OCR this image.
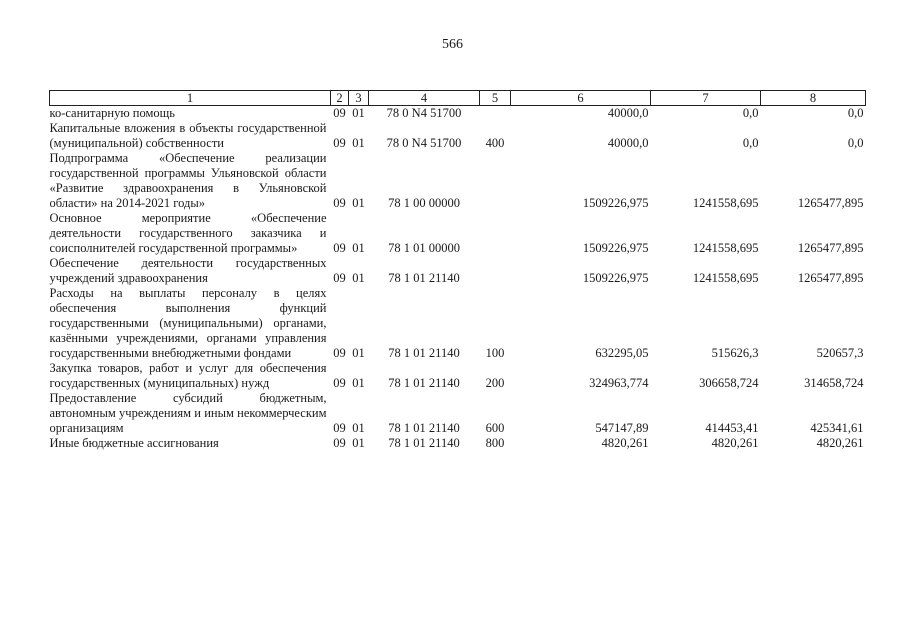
566
1	2	3	4	5	6	7	8
ко-санитарную помощь	09	01	78 0 N4 51700		40000,0	0,0	0,0
Капитальные вложения в объекты государственной (муниципальной) собственности	09	01	78 0 N4 51700	400	40000,0	0,0	0,0
Подпрограмма «Обеспечение реализации государственной программы Ульяновской области «Развитие здравоохранения в Ульяновской области» на 2014-2021 годы»	09	01	78 1 00 00000		1509226,975	1241558,695	1265477,895
Основное мероприятие «Обеспечение деятельности государственного заказчика и соисполнителей государственной программы»	09	01	78 1 01 00000		1509226,975	1241558,695	1265477,895
Обеспечение деятельности государственных учреждений здравоохранения	09	01	78 1 01 21140		1509226,975	1241558,695	1265477,895
Расходы на выплаты персоналу в целях обеспечения выполнения функций государственными (муниципальными) органами, казёнными учреждениями, органами управления государственными внебюджетными фондами	09	01	78 1 01 21140	100	632295,05	515626,3	520657,3
Закупка товаров, работ и услуг для обеспечения государственных (муниципальных) нужд	09	01	78 1 01 21140	200	324963,774	306658,724	314658,724
Предоставление субсидий бюджетным, автономным учреждениям и иным некоммерческим организациям	09	01	78 1 01 21140	600	547147,89	414453,41	425341,61
Иные бюджетные ассигнования	09	01	78 1 01 21140	800	4820,261	4820,261	4820,261
